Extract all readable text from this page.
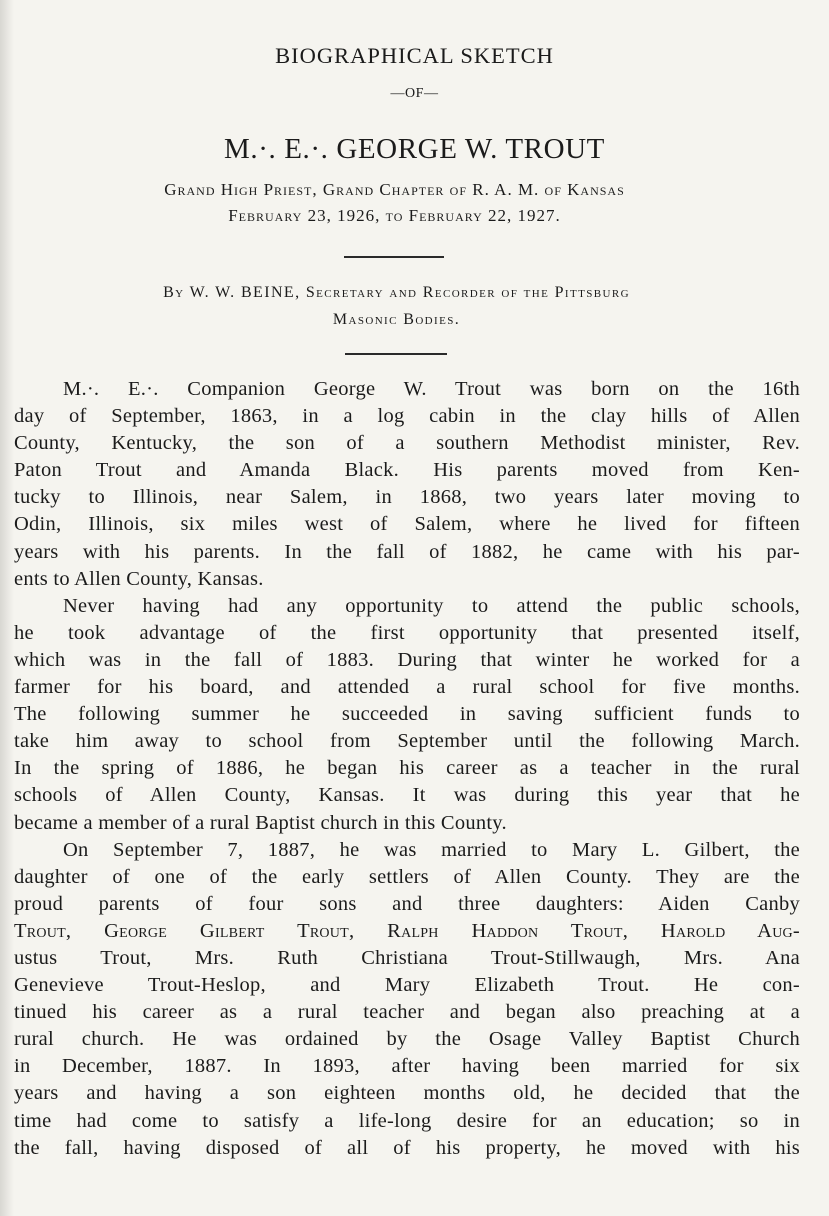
BIOGRAPHICAL SKETCH
—OF—
M.·. E.·. GEORGE W. TROUT
Grand High Priest, Grand Chapter of R. A. M. of Kansas
February 23, 1926, to February 22, 1927.
By W. W. BEINE, Secretary and Recorder of the Pittsburg
Masonic Bodies.
M.·. E.·. Companion George W. Trout was born on the 16th
day of September, 1863, in a log cabin in the clay hills of Allen
County, Kentucky, the son of a southern Methodist minister, Rev.
Paton Trout and Amanda Black. His parents moved from Ken-
tucky to Illinois, near Salem, in 1868, two years later moving to
Odin, Illinois, six miles west of Salem, where he lived for fifteen
years with his parents. In the fall of 1882, he came with his par-
ents to Allen County, Kansas.
Never having had any opportunity to attend the public schools,
he took advantage of the first opportunity that presented itself,
which was in the fall of 1883. During that winter he worked for a
farmer for his board, and attended a rural school for five months.
The following summer he succeeded in saving sufficient funds to
take him away to school from September until the following March.
In the spring of 1886, he began his career as a teacher in the rural
schools of Allen County, Kansas. It was during this year that he
became a member of a rural Baptist church in this County.
On September 7, 1887, he was married to Mary L. Gilbert, the
daughter of one of the early settlers of Allen County. They are the
proud parents of four sons and three daughters: Aiden Canby
Trout, George Gilbert Trout, Ralph Haddon Trout, Harold Aug-
ustus Trout, Mrs. Ruth Christiana Trout-Stillwaugh, Mrs. Ana
Genevieve Trout-Heslop, and Mary Elizabeth Trout. He con-
tinued his career as a rural teacher and began also preaching at a
rural church. He was ordained by the Osage Valley Baptist Church
in December, 1887. In 1893, after having been married for six
years and having a son eighteen months old, he decided that the
time had come to satisfy a life-long desire for an education; so in
the fall, having disposed of all of his property, he moved with his
